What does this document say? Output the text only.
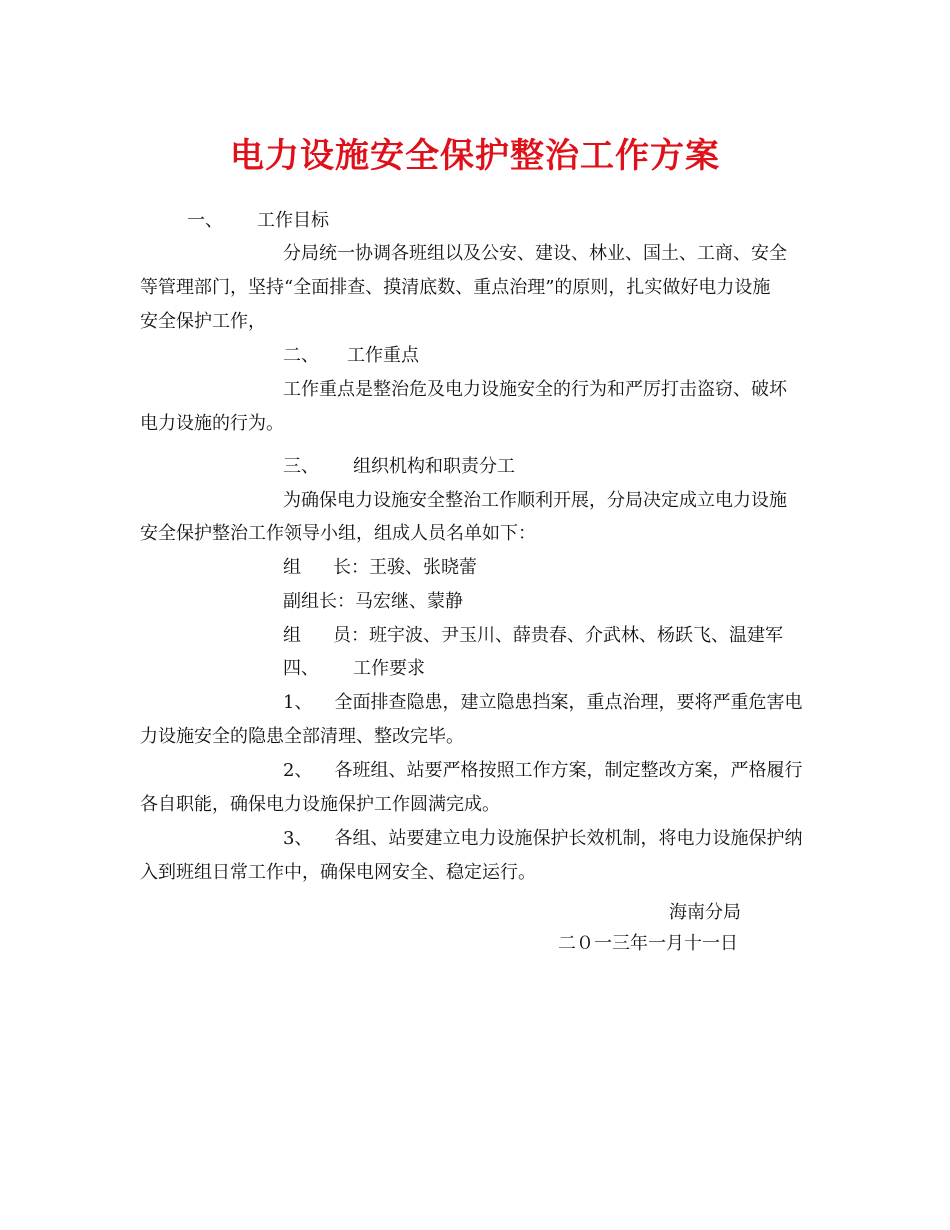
电力设施安全保护整治工作方案

一、 工作目标

分局统一协调各班组以及公安、建设、林业、国土、工商、安全

等管理部门，坚持“全面排查、摸清底数、重点治理”的原则，扎实做好电力设施

安全保护工作，

二、 工作重点

工作重点是整治危及电力设施安全的行为和严厉打击盗窃、破坏

电力设施的行为。

三、 组织机构和职责分工

为确保电力设施安全整治工作顺利开展，分局决定成立电力设施

安全保护整治工作领导小组，组成人员名单如下：

组 长：王骏、张晓蕾

副组长：马宏继、蒙静

组 员：班宇波、尹玉川、薛贵春、介武林、杨跃飞、温建军

四、 工作要求

1、 全面排查隐患，建立隐患挡案，重点治理，要将严重危害电

力设施安全的隐患全部清理、整改完毕。

2、 各班组、站要严格按照工作方案，制定整改方案，严格履行

各自职能，确保电力设施保护工作圆满完成。

3、 各组、站要建立电力设施保护长效机制，将电力设施保护纳

入到班组日常工作中，确保电网安全、稳定运行。

海南分局

二０一三年一月十一日
